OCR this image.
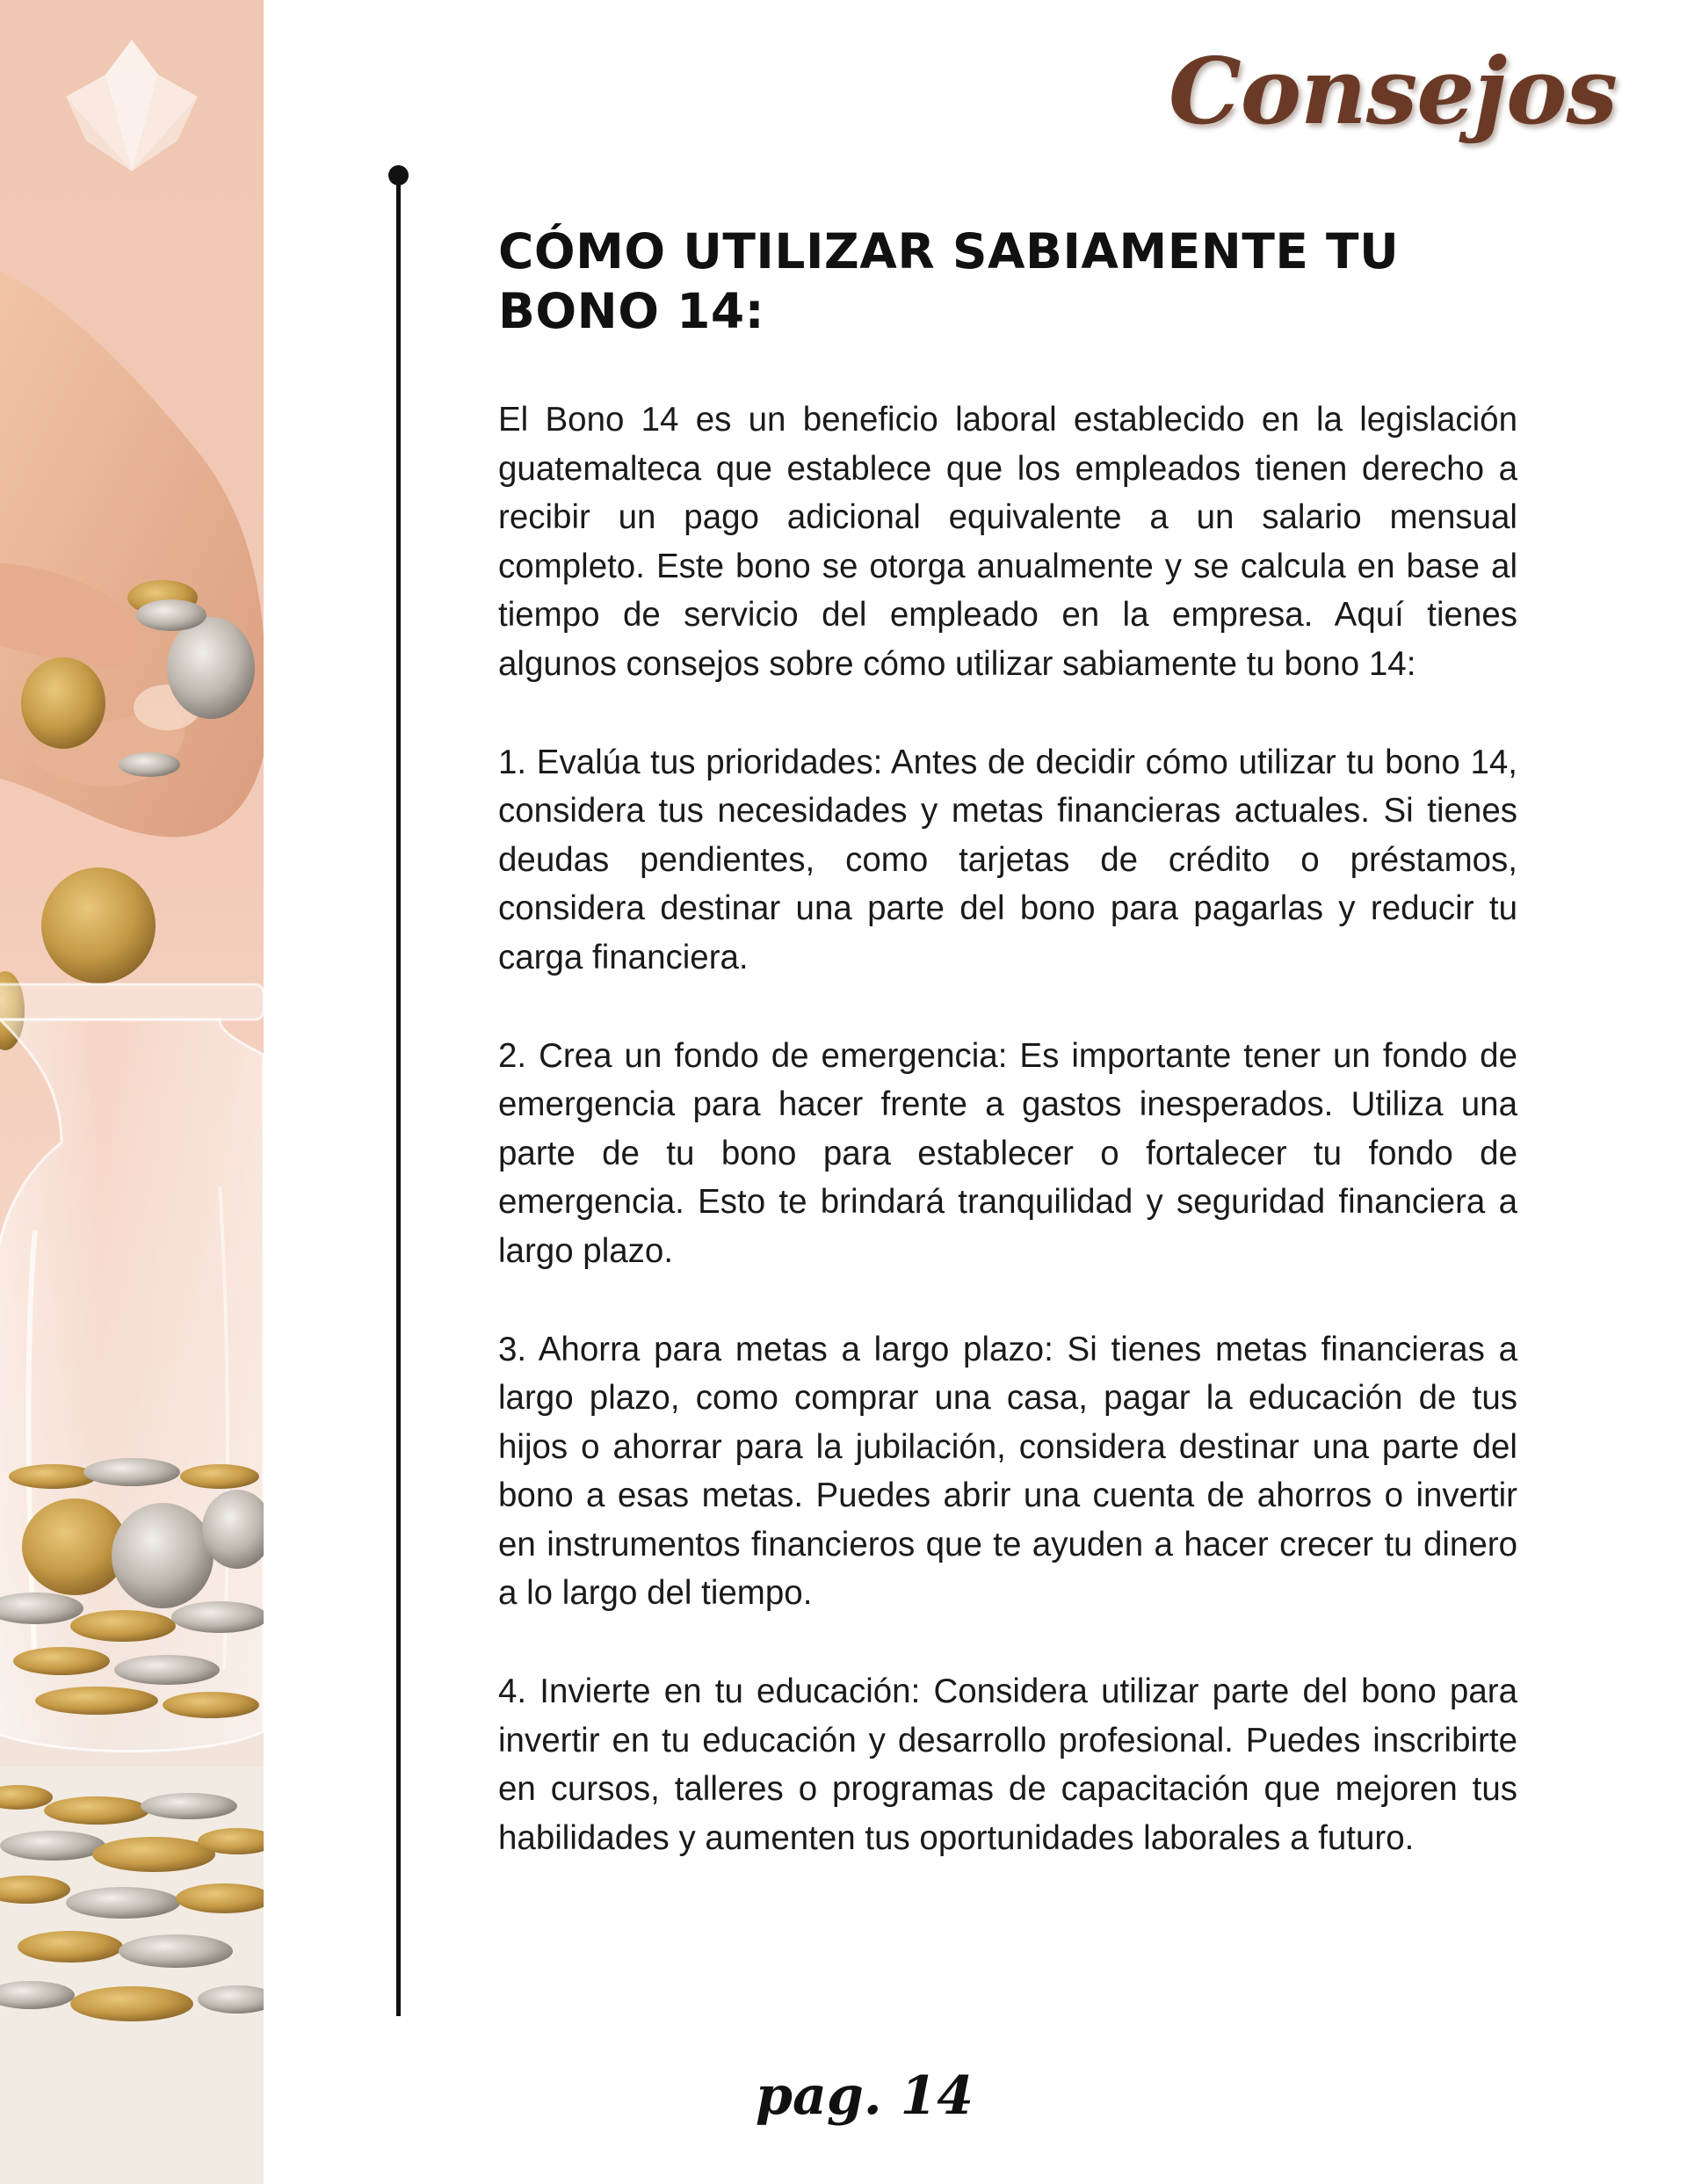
Consejos
CÓMO UTILIZAR SABIAMENTE TU
BONO 14:

El Bono 14 es un beneficio laboral establecido en la legislación guatemalteca que establece que los empleados tienen derecho a recibir un pago adicional equivalente a un salario mensual completo. Este bono se otorga anualmente y se calcula en base al tiempo de servicio del empleado en la empresa. Aquí tienes algunos consejos sobre cómo utilizar sabiamente tu bono 14:

1. Evalúa tus prioridades: Antes de decidir cómo utilizar tu bono 14, considera tus necesidades y metas financieras actuales. Si tienes deudas pendientes, como tarjetas de crédito o préstamos, considera destinar una parte del bono para pagarlas y reducir tu carga financiera.

2. Crea un fondo de emergencia: Es importante tener un fondo de emergencia para hacer frente a gastos inesperados. Utiliza una parte de tu bono para establecer o fortalecer tu fondo de emergencia. Esto te brindará tranquilidad y seguridad financiera a largo plazo.

3. Ahorra para metas a largo plazo: Si tienes metas financieras a largo plazo, como comprar una casa, pagar la educación de tus hijos o ahorrar para la jubilación, considera destinar una parte del bono a esas metas. Puedes abrir una cuenta de ahorros o invertir en instrumentos financieros que te ayuden a hacer crecer tu dinero a lo largo del tiempo.

4. Invierte en tu educación: Considera utilizar parte del bono para invertir en tu educación y desarrollo profesional. Puedes inscribirte en cursos, talleres o programas de capacitación que mejoren tus habilidades y aumenten tus oportunidades laborales a futuro.

pag. 14
